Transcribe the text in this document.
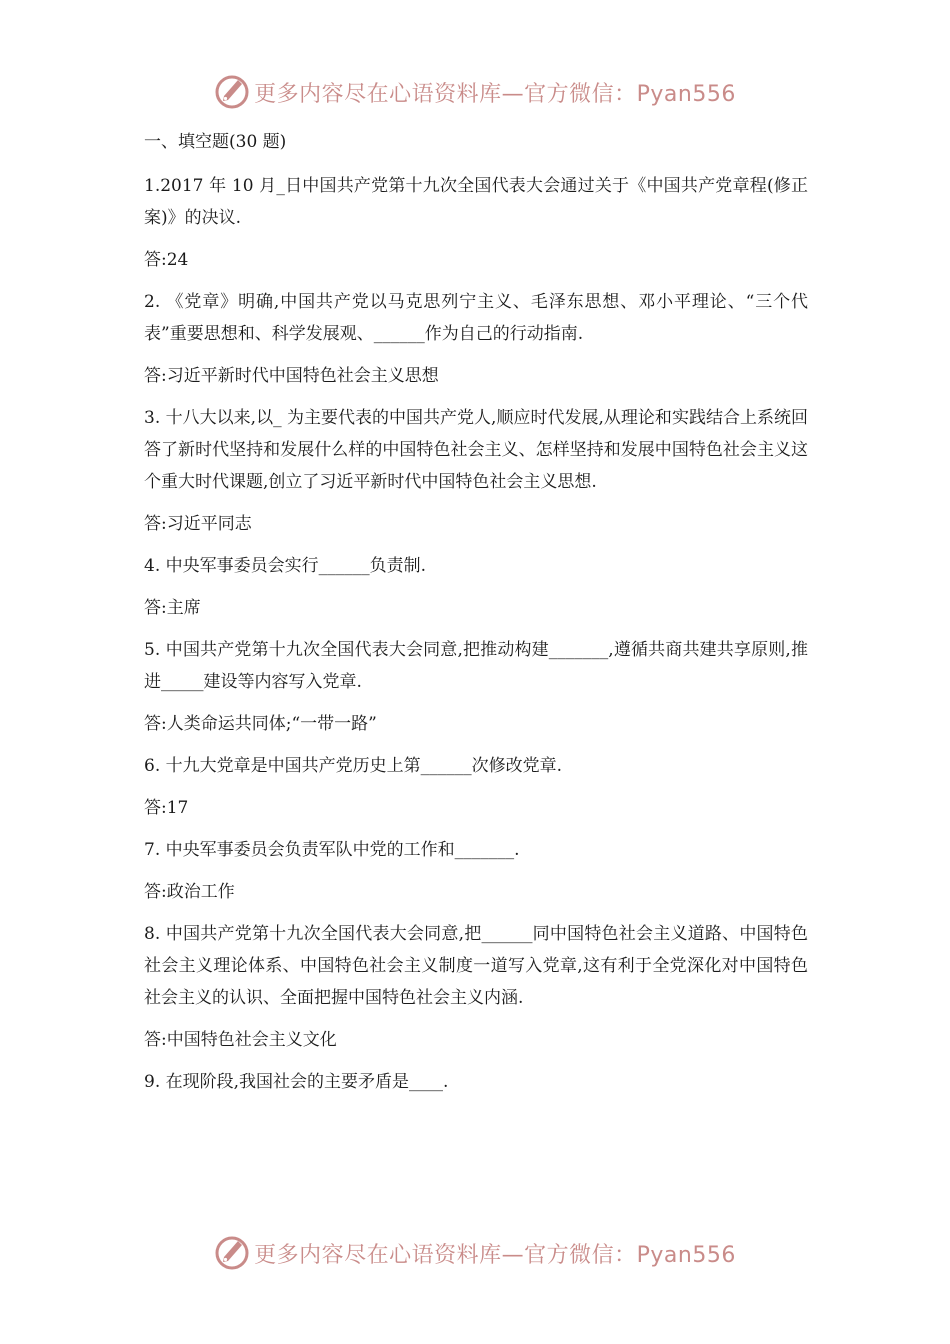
更多内容尽在心语资料库—官方微信：Pyan556

一、填空题(30 题)

1.2017 年 10 月_日中国共产党第十九次全国代表大会通过关于《中国共产党章程(修正案)》的决议.

答:24

2. 《党章》明确,中国共产党以马克思列宁主义、毛泽东思想、邓小平理论、“三个代表”重要思想和、科学发展观、______作为自己的行动指南.

答:习近平新时代中国特色社会主义思想

3. 十八大以来,以_ 为主要代表的中国共产党人,顺应时代发展,从理论和实践结合上系统回答了新时代坚持和发展什么样的中国特色社会主义、怎样坚持和发展中国特色社会主义这个重大时代课题,创立了习近平新时代中国特色社会主义思想.

答:习近平同志

4. 中央军事委员会实行______负责制.

答:主席

5. 中国共产党第十九次全国代表大会同意,把推动构建_______,遵循共商共建共享原则,推进_____建设等内容写入党章.

答:人类命运共同体;“一带一路”

6. 十九大党章是中国共产党历史上第______次修改党章.

答:17

7. 中央军事委员会负责军队中党的工作和_______.

答:政治工作

8. 中国共产党第十九次全国代表大会同意,把______同中国特色社会主义道路、中国特色社会主义理论体系、中国特色社会主义制度一道写入党章,这有利于全党深化对中国特色社会主义的认识、全面把握中国特色社会主义内涵.

答:中国特色社会主义文化

9. 在现阶段,我国社会的主要矛盾是____.

更多内容尽在心语资料库—官方微信：Pyan556
